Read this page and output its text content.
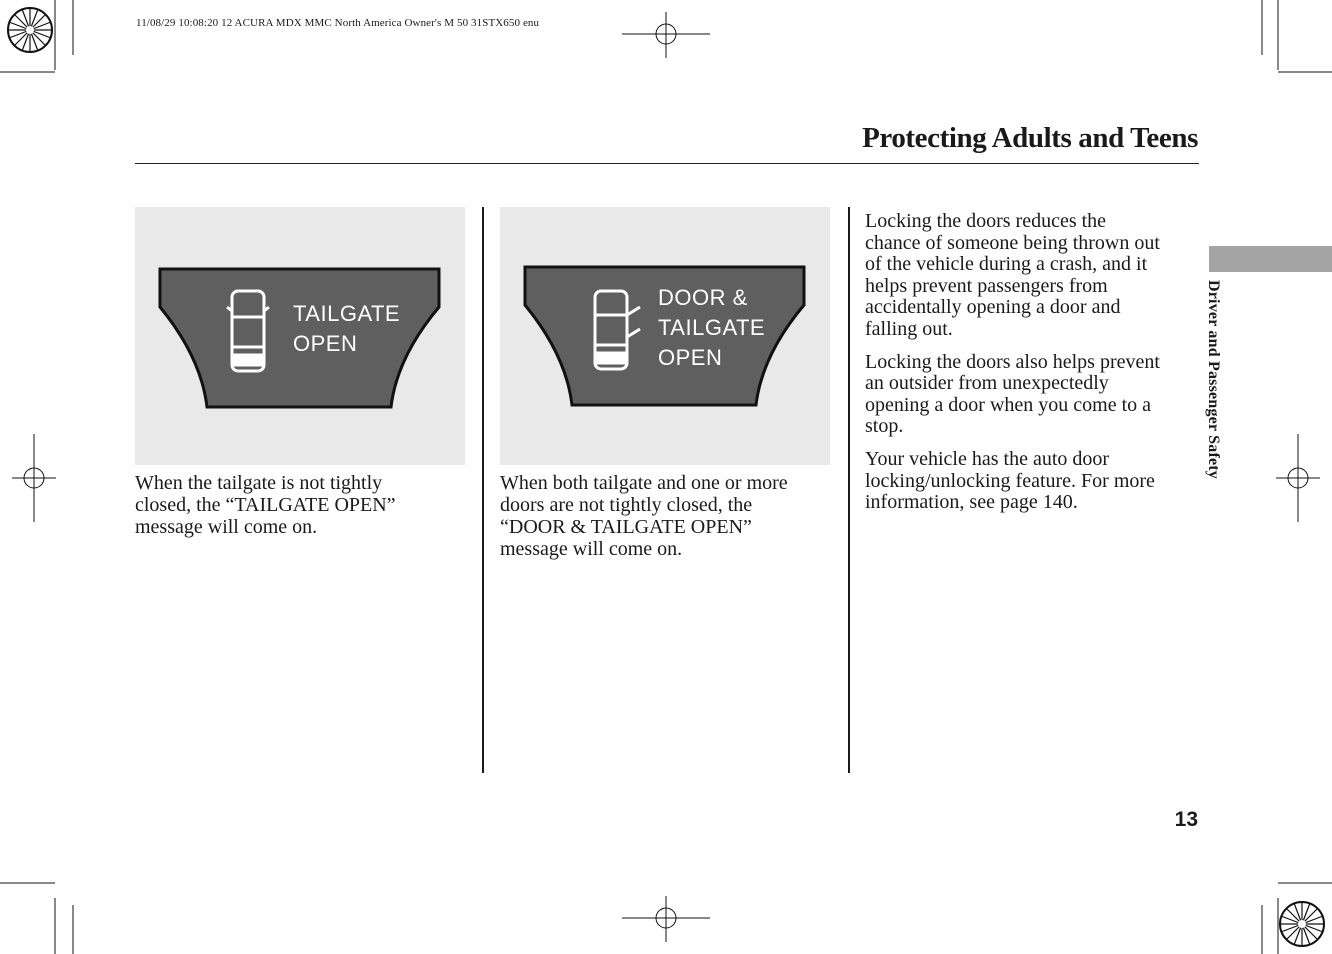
11/08/29 10:08:20 12 ACURA MDX MMC North America Owner's M 50 31STX650 enu
Protecting Adults and Teens
TAILGATE
OPEN
When the tailgate is not tightly
closed, the “TAILGATE OPEN”
message will come on.
DOOR &
TAILGATE
OPEN
When both tailgate and one or more
doors are not tightly closed, the
“DOOR & TAILGATE OPEN”
message will come on.

Locking the doors reduces the
chance of someone being thrown out
of the vehicle during a crash, and it
helps prevent passengers from
accidentally opening a door and
falling out.

Locking the doors also helps prevent
an outsider from unexpectedly
opening a door when you come to a
stop.

Your vehicle has the auto door
locking/unlocking feature. For more
information, see page 140.

Driver and Passenger Safety
13
